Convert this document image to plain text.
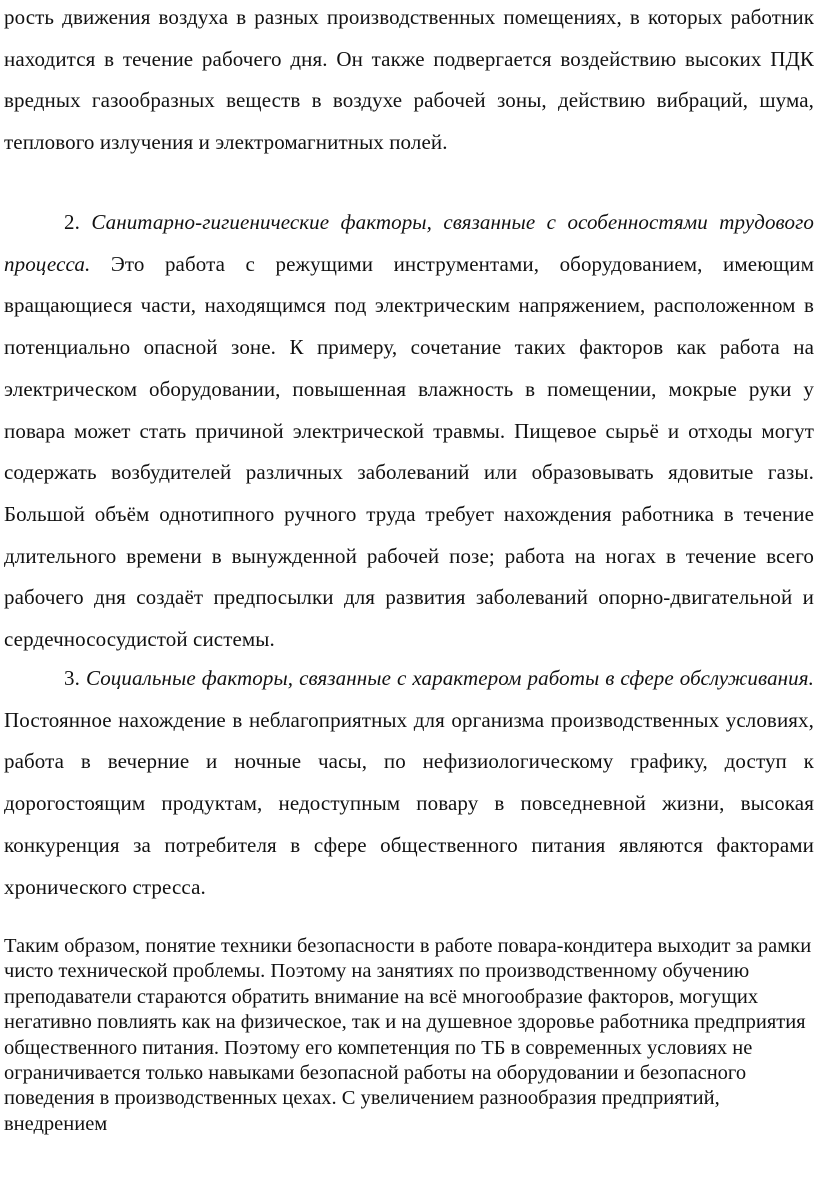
рость движения воздуха в разных производственных помещениях, в которых работник находится в течение рабочего дня. Он также подвергается воздействию высоких ПДК вредных газообразных веществ в воздухе рабочей зоны, действию вибраций, шума, теплового излучения и электромагнитных полей.

2. Санитарно-гигиенические факторы, связанные с особенностями трудового процесса. Это работа с режущими инструментами, оборудованием, имеющим вращающиеся части, находящимся под электрическим напряжением, расположенном в потенциально опасной зоне. К примеру, сочетание таких факторов как работа на электрическом оборудовании, повышенная влажность в помещении, мокрые руки у повара может стать причиной электрической травмы. Пищевое сырьё и отходы могут содержать возбудителей различных заболеваний или образовывать ядовитые газы. Большой объём однотипного ручного труда требует нахождения работника в течение длительного времени в вынужденной рабочей позе; работа на ногах в течение всего рабочего дня создаёт предпосылки для развития заболеваний опорно-двигательной и сердечнососудистой системы.

3. Социальные факторы, связанные с характером работы в сфере обслуживания. Постоянное нахождение в неблагоприятных для организма производственных условиях, работа в вечерние и ночные часы, по нефизиологическому графику, доступ к дорогостоящим продуктам, недоступным повару в повседневной жизни, высокая конкуренция за потребителя в сфере общественного питания являются факторами хронического стресса.

Таким образом, понятие техники безопасности в работе повара-кондитера выходит за рамки чисто технической проблемы. Поэтому на занятиях по производственному обучению преподаватели стараются обратить внимание на всё многообразие факторов, могущих негативно повлиять как на физическое, так и на душевное здоровье работника предприятия общественного питания. Поэтому его компетенция по ТБ в современных условиях не ограничивается только навыками безопасной работы на оборудовании и безопасного поведения в производственных цехах. С увеличением разнообразия предприятий, внедрением
